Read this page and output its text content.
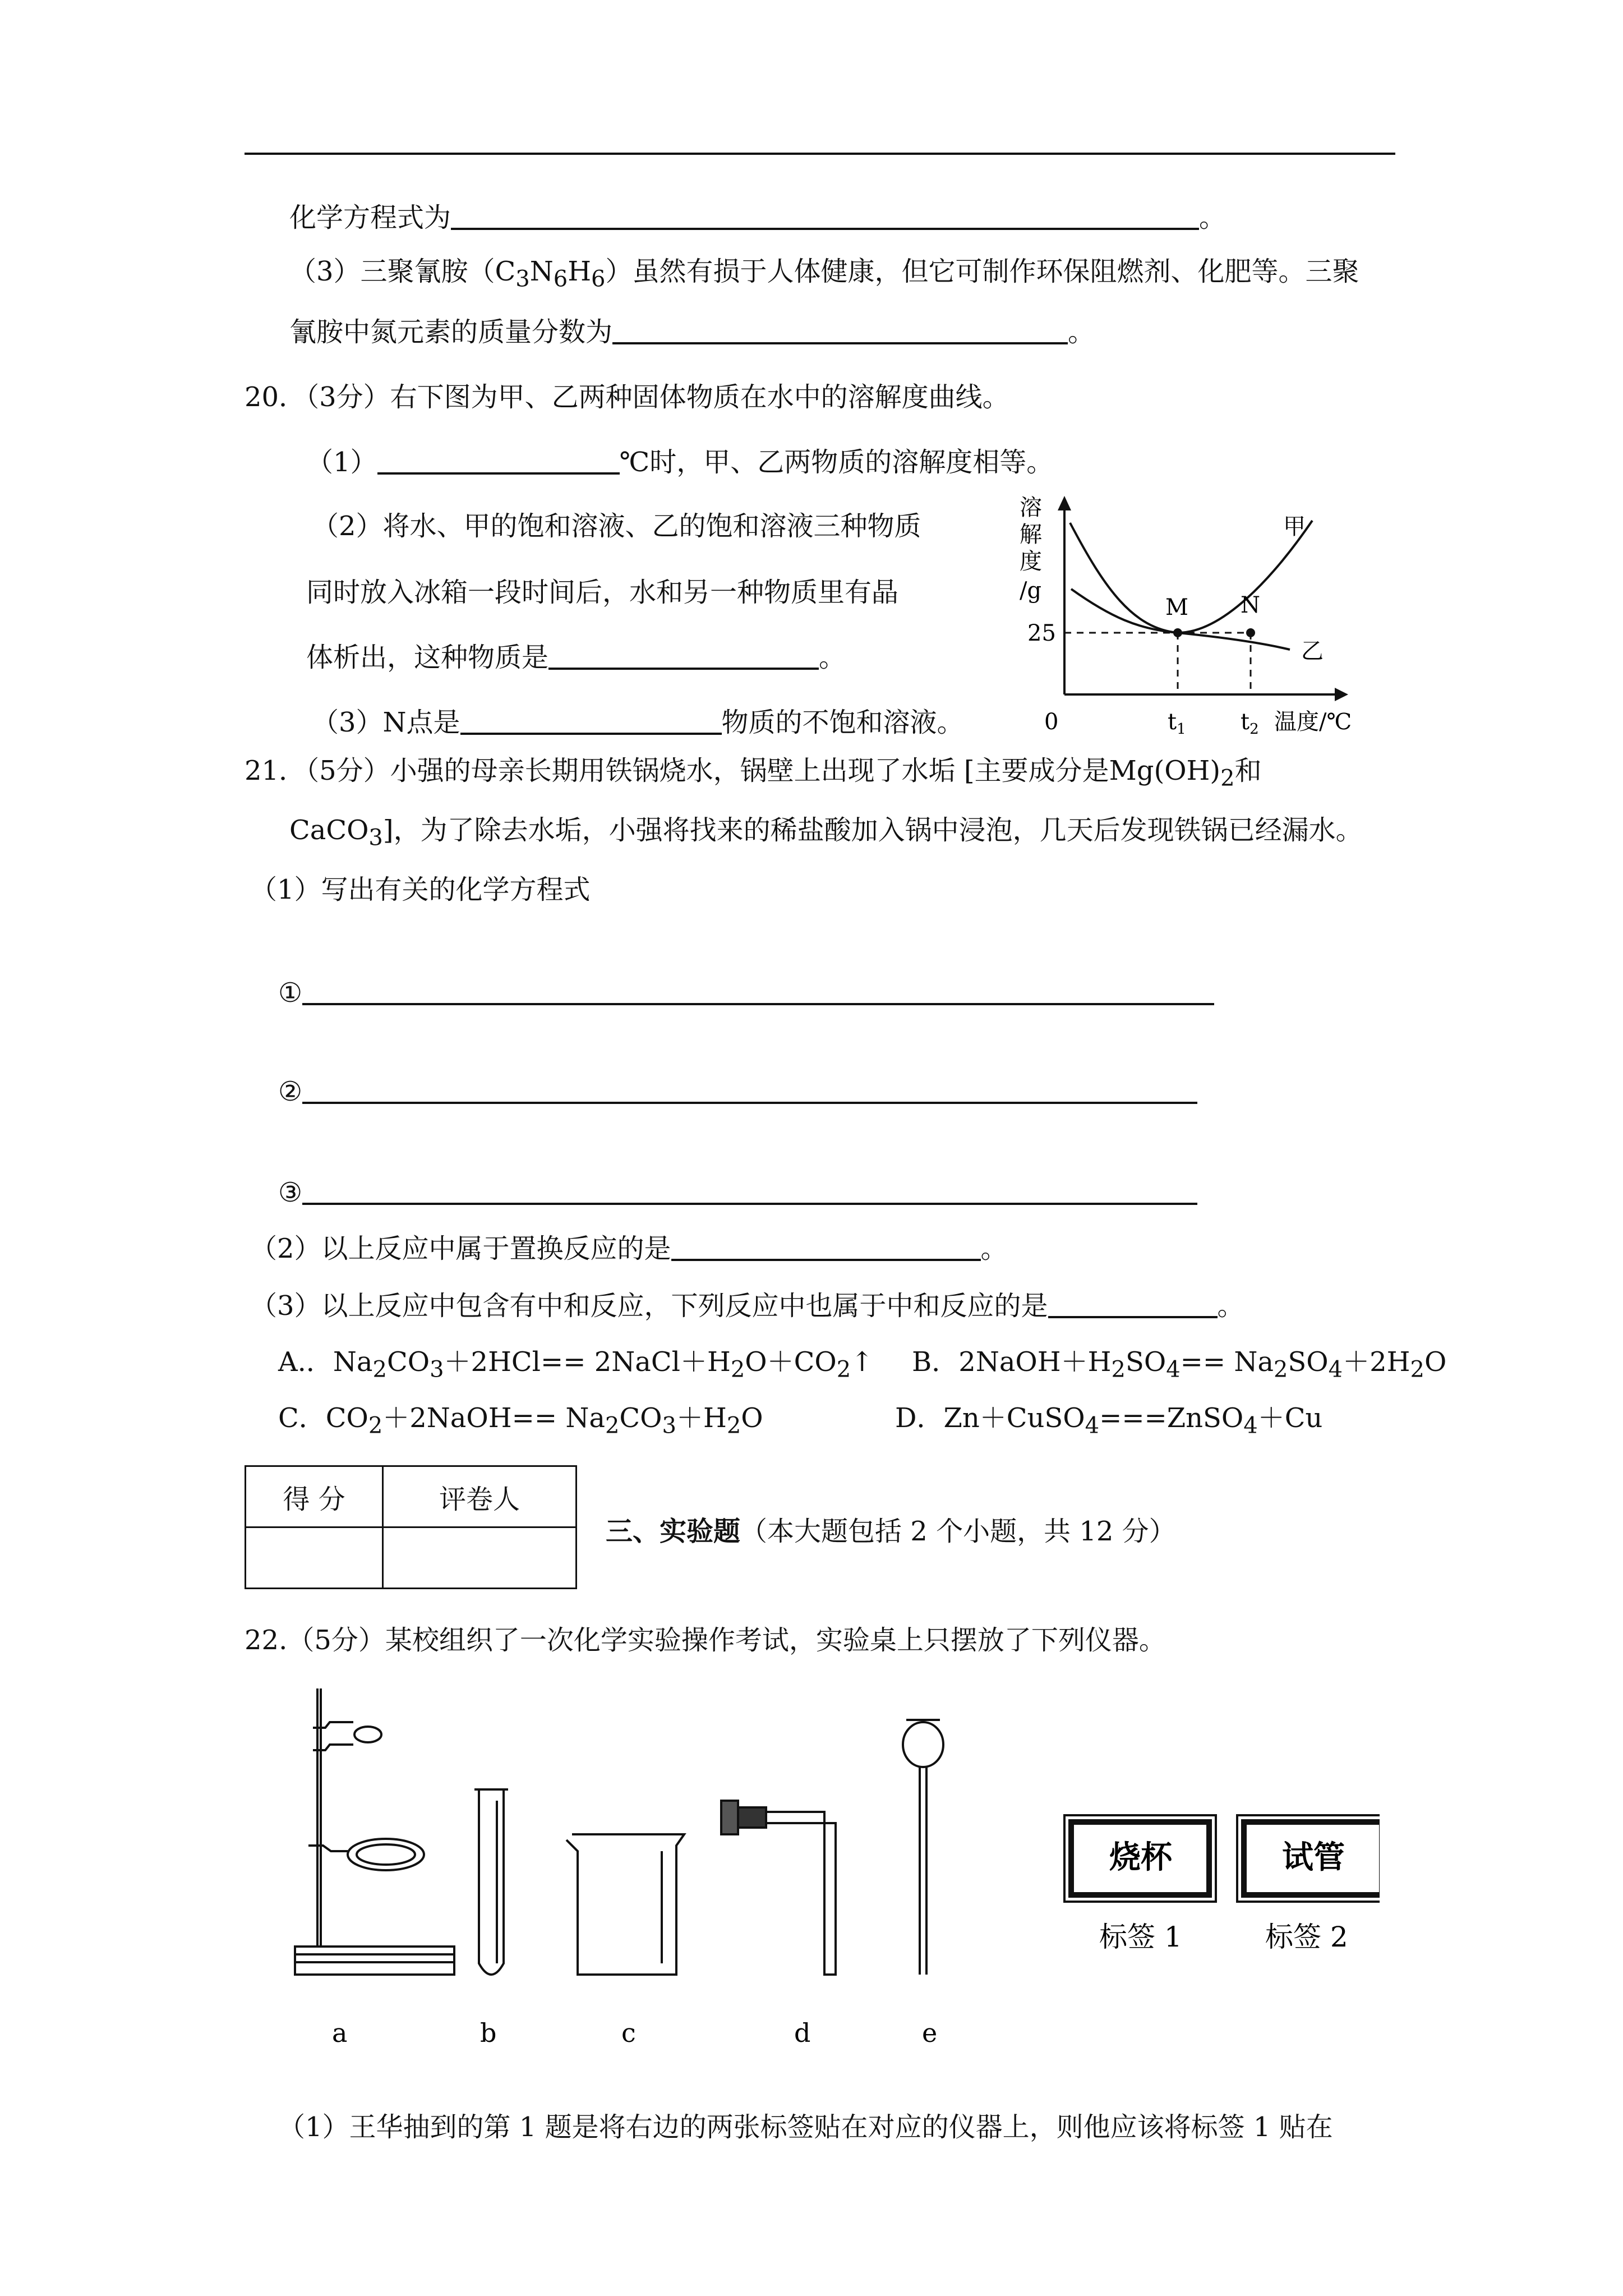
化学方程式为	。
（3）三聚氰胺$(C_3N_6H_6)$虽然有损于人体健康，但它可制作环保阻燃剂、化肥等。三聚
氰胺中氮元素的质量分数为	。
20．（3分）右下图为甲、乙两种固体物质在水中的溶解度曲线。
（1）	℃时，甲、乙两物质的溶解度相等。
（2）将水、甲的饱和溶液、乙的饱和溶液三种物质
同时放入冰箱一段时间后，水和另一种物质里有晶
体析出，这种物质是	。
（3）N点是	物质的不饱和溶液。
溶
解
度
/g
25
0	$t_1$ $t_2$ 温度/℃
M N
甲
乙
21．（5分）小强的母亲长期用铁锅烧水，锅壁上出现了水垢 [主要成分是$Mg(OH)_2$和
CaCO$_3$]，为了除去水垢，小强将找来的稀盐酸加入锅中浸泡，几天后发现铁锅已经漏水。
（1）写出有关的化学方程式
①
②
③
（2）以上反应中属于置换反应的是	。
（3）以上反应中包含有中和反应，下列反应中也属于中和反应的是	。
A.．$Na_2CO_3+2HCl==$ $2NaCl+H_2O+CO_2↑$ B．$2NaOH+H_2SO_4== Na_2SO_4+2H_2O$
C．$CO_2+2NaOH== Na_2CO_3+H_2O$	D．Zn＋CuSO$_4$===ZnSO$_4$＋Cu
得 分	评卷人

三、实验题（本大题包括 2 个小题，共 12 分）
22.（5分）某校组织了一次化学实验操作考试，实验桌上只摆放了下列仪器。
烧杯	试管
标签 1	标签 2
a	b	c	d	e
（1）王华抽到的第 1 题是将右边的两张标签贴在对应的仪器上，则他应该将标签 1 贴在
